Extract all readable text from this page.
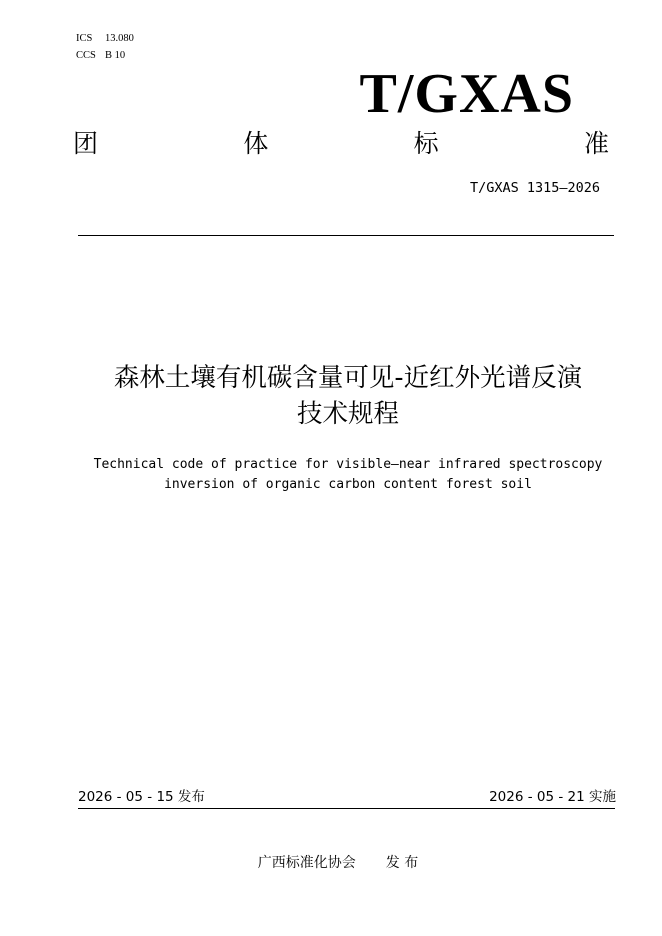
ICS 13.080
CCS B 10
T/GXAS
团	体	标	准
T/GXAS 1315—2026
森林土壤有机碳含量可见-近红外光谱反演
技术规程
Technical code of practice for visible—near infrared spectroscopy
inversion of organic carbon content forest soil
2026 - 05 - 15 发布	2026 - 05 - 21 实施
广西标准化协会 发 布
